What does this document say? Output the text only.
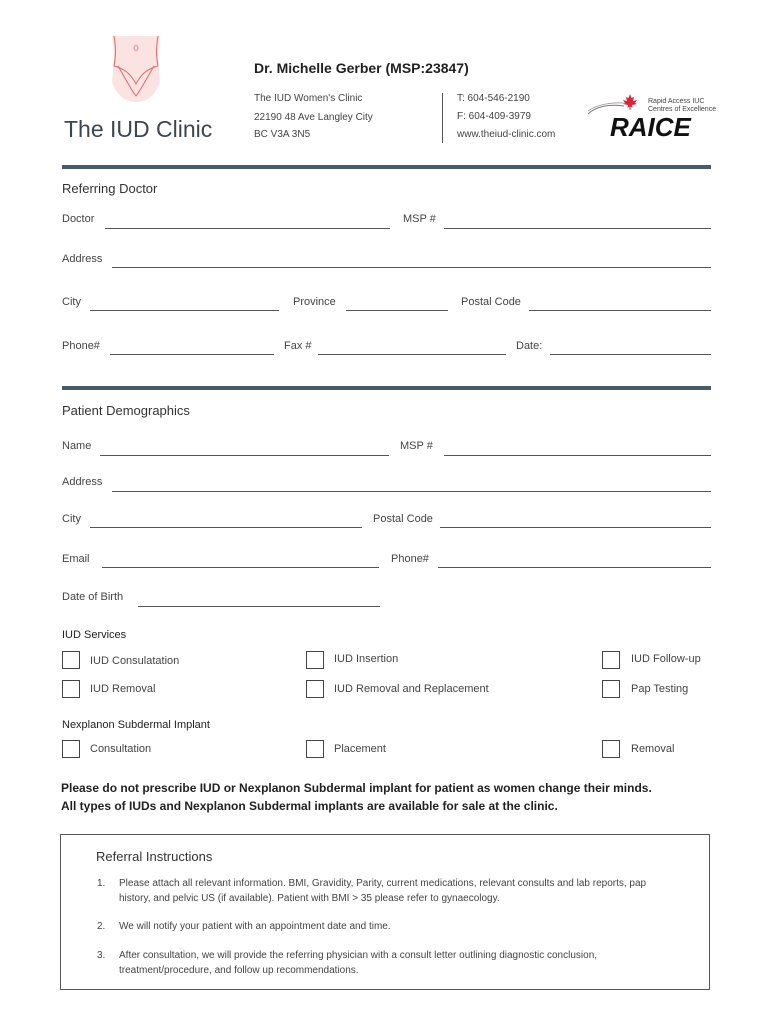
The IUD Clinic
Dr. Michelle Gerber (MSP:23847)
The IUD Women's Clinic
22190 48 Ave Langley City
BC V3A 3N5
T: 604-546-2190
F: 604-409-3979
www.theiud-clinic.com
Rapid Access IUC
Centres of Excellence
RAICE
Referring Doctor
Doctor	MSP #
Address
City	Province	Postal Code
Phone#	Fax #	Date:
Patient Demographics
Name	MSP #
Address
City	Postal Code
Email	Phone#
Date of Birth
IUD Services
IUD Consulatation	IUD Insertion	IUD Follow-up
IUD Removal	IUD Removal and Replacement	Pap Testing
Nexplanon Subdermal Implant
Consultation	Placement	Removal
Please do not prescribe IUD or Nexplanon Subdermal implant for patient as women change their minds.
All types of IUDs and Nexplanon Subdermal implants are available for sale at the clinic.
Referral Instructions
1. Please attach all relevant information. BMI, Gravidity, Parity, current medications, relevant consults and lab reports, pap history, and pelvic US (if available). Patient with BMI > 35 please refer to gynaecology.
2. We will notify your patient with an appointment date and time.
3. After consultation, we will provide the referring physician with a consult letter outlining diagnostic conclusion, treatment/procedure, and follow up recommendations.
